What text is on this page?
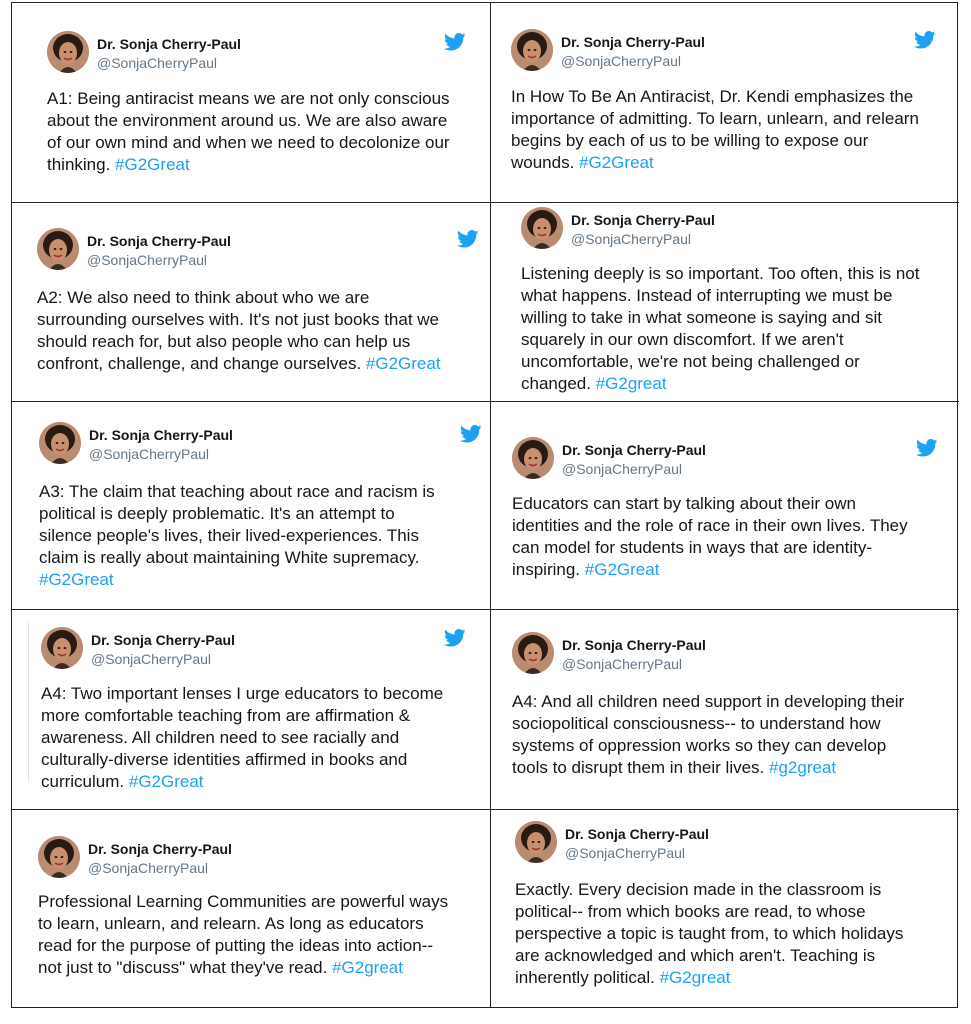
Dr. Sonja Cherry-Paul
@SonjaCherryPaul
A1: Being antiracist means we are not only conscious
about the environment around us. We are also aware
of our own mind and when we need to decolonize our
thinking. #G2Great
Dr. Sonja Cherry-Paul
@SonjaCherryPaul
In How To Be An Antiracist, Dr. Kendi emphasizes the
importance of admitting. To learn, unlearn, and relearn
begins by each of us to be willing to expose our
wounds. #G2Great
Dr. Sonja Cherry-Paul
@SonjaCherryPaul
A2: We also need to think about who we are
surrounding ourselves with. It's not just books that we
should reach for, but also people who can help us
confront, challenge, and change ourselves. #G2Great
Dr. Sonja Cherry-Paul
@SonjaCherryPaul
Listening deeply is so important. Too often, this is not
what happens. Instead of interrupting we must be
willing to take in what someone is saying and sit
squarely in our own discomfort. If we aren't
uncomfortable, we're not being challenged or
changed. #G2great
Dr. Sonja Cherry-Paul
@SonjaCherryPaul
A3: The claim that teaching about race and racism is
political is deeply problematic. It's an attempt to
silence people's lives, their lived-experiences. This
claim is really about maintaining White supremacy.
#G2Great
Dr. Sonja Cherry-Paul
@SonjaCherryPaul
Educators can start by talking about their own
identities and the role of race in their own lives. They
can model for students in ways that are identity-
inspiring. #G2Great
Dr. Sonja Cherry-Paul
@SonjaCherryPaul
A4: Two important lenses I urge educators to become
more comfortable teaching from are affirmation &
awareness. All children need to see racially and
culturally-diverse identities affirmed in books and
curriculum. #G2Great
Dr. Sonja Cherry-Paul
@SonjaCherryPaul
A4: And all children need support in developing their
sociopolitical consciousness-- to understand how
systems of oppression works so they can develop
tools to disrupt them in their lives. #g2great
Dr. Sonja Cherry-Paul
@SonjaCherryPaul
Professional Learning Communities are powerful ways
to learn, unlearn, and relearn. As long as educators
read for the purpose of putting the ideas into action--
not just to "discuss" what they've read. #G2great
Dr. Sonja Cherry-Paul
@SonjaCherryPaul
Exactly. Every decision made in the classroom is
political-- from which books are read, to whose
perspective a topic is taught from, to which holidays
are acknowledged and which aren't. Teaching is
inherently political. #G2great
